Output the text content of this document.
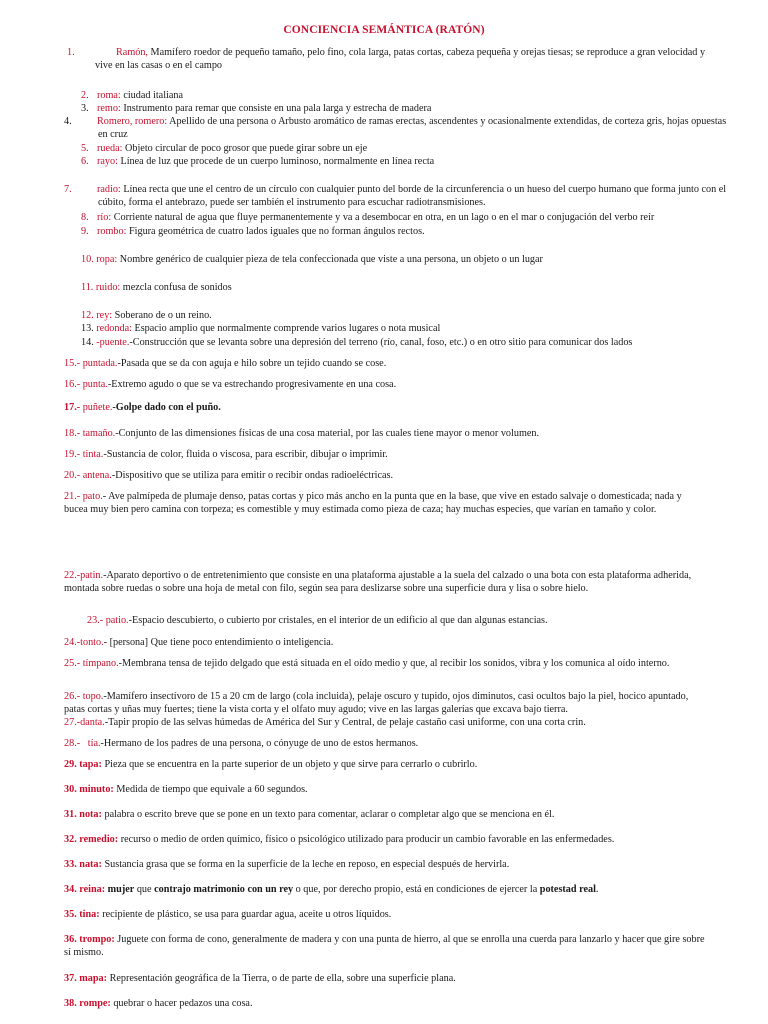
CONCIENCIA SEMÁNTICA (RATÓN)
1.	Ramón, Mamífero roedor de pequeño tamaño, pelo fino, cola larga, patas cortas, cabeza pequeña y orejas tiesas; se reproduce a gran velocidad y vive en las casas o en el campo
2. roma: ciudad italiana
3. remo: Instrumento para remar que consiste en una pala larga y estrecha de madera
4. Romero, romero: Apellido de una persona o Arbusto aromático de ramas erectas, ascendentes y ocasionalmente extendidas, de corteza gris, hojas opuestas en cruz
5. rueda: Objeto circular de poco grosor que puede girar sobre un eje
6. rayo: Línea de luz que procede de un cuerpo luminoso, normalmente en línea recta
7. radio: Línea recta que une el centro de un círculo con cualquier punto del borde de la circunferencia o un hueso del cuerpo humano que forma junto con el cúbito, forma el antebrazo, puede ser también el instrumento para escuchar radiotransmisiones.
8. río: Corriente natural de agua que fluye permanentemente y va a desembocar en otra, en un lago o en el mar o conjugación del verbo reír
9. rombo: Figura geométrica de cuatro lados iguales que no forman ángulos rectos.
10. ropa: Nombre genérico de cualquier pieza de tela confeccionada que viste a una persona, un objeto o un lugar
11. ruido: mezcla confusa de sonidos
12. rey: Soberano de o un reino.
13. redonda: Espacio amplio que normalmente comprende varios lugares o nota musical
14. -puente.-Construcción que se levanta sobre una depresión del terreno (río, canal, foso, etc.) o en otro sitio para comunicar dos lados
15.- puntada.-Pasada que se da con aguja e hilo sobre un tejido cuando se cose.
16.- punta.-Extremo agudo o que se va estrechando progresivamente en una cosa.
17.- puñete.-Golpe dado con el puño.
18.- tamaño.-Conjunto de las dimensiones físicas de una cosa material, por las cuales tiene mayor o menor volumen.
19.- tinta.-Sustancia de color, fluida o viscosa, para escribir, dibujar o imprimir.
20.- antena.-Dispositivo que se utiliza para emitir o recibir ondas radioeléctricas.
21.- pato.- Ave palmípeda de plumaje denso, patas cortas y pico más ancho en la punta que en la base, que vive en estado salvaje o domesticada; nada y bucea muy bien pero camina con torpeza; es comestible y muy estimada como pieza de caza; hay muchas especies, que varían en tamaño y color.
22.-patin.-Aparato deportivo o de entretenimiento que consiste en una plataforma ajustable a la suela del calzado o una bota con esta plataforma adherida, montada sobre ruedas o sobre una hoja de metal con filo, según sea para deslizarse sobre una superficie dura y lisa o sobre hielo.
23.- patio.-Espacio descubierto, o cubierto por cristales, en el interior de un edificio al que dan algunas estancias.
24.-tonto.- [persona] Que tiene poco entendimiento o inteligencia.
25.- tímpano.-Membrana tensa de tejido delgado que está situada en el oído medio y que, al recibir los sonidos, vibra y los comunica al oído interno.
26.- topo.-Mamífero insectívoro de 15 a 20 cm de largo (cola incluida), pelaje oscuro y tupido, ojos diminutos, casi ocultos bajo la piel, hocico apuntado, patas cortas y uñas muy fuertes; tiene la vista corta y el olfato muy agudo; vive en las largas galerías que excava bajo tierra.
27.-danta.-Tapir propio de las selvas húmedas de América del Sur y Central, de pelaje castaño casi uniforme, con una corta crin.
28.- tía.-Hermano de los padres de una persona, o cónyuge de uno de estos hermanos.
29. tapa: Pieza que se encuentra en la parte superior de un objeto y que sirve para cerrarlo o cubrirlo.
30. minuto: Medida de tiempo que equivale a 60 segundos.
31. nota: palabra o escrito breve que se pone en un texto para comentar, aclarar o completar algo que se menciona en él.
32. remedio: recurso o medio de orden químico, físico o psicológico utilizado para producir un cambio favorable en las enfermedades.
33. nata: Sustancia grasa que se forma en la superficie de la leche en reposo, en especial después de hervirla.
34. reina: mujer que contrajo matrimonio con un rey o que, por derecho propio, está en condiciones de ejercer la potestad real.
35. tina: recipiente de plástico, se usa para guardar agua, aceite u otros líquidos.
36. trompo: Juguete con forma de cono, generalmente de madera y con una punta de hierro, al que se enrolla una cuerda para lanzarlo y hacer que gire sobre sí mismo.
37. mapa: Representación geográfica de la Tierra, o de parte de ella, sobre una superficie plana.
38. rompe: quebrar o hacer pedazos una cosa.
